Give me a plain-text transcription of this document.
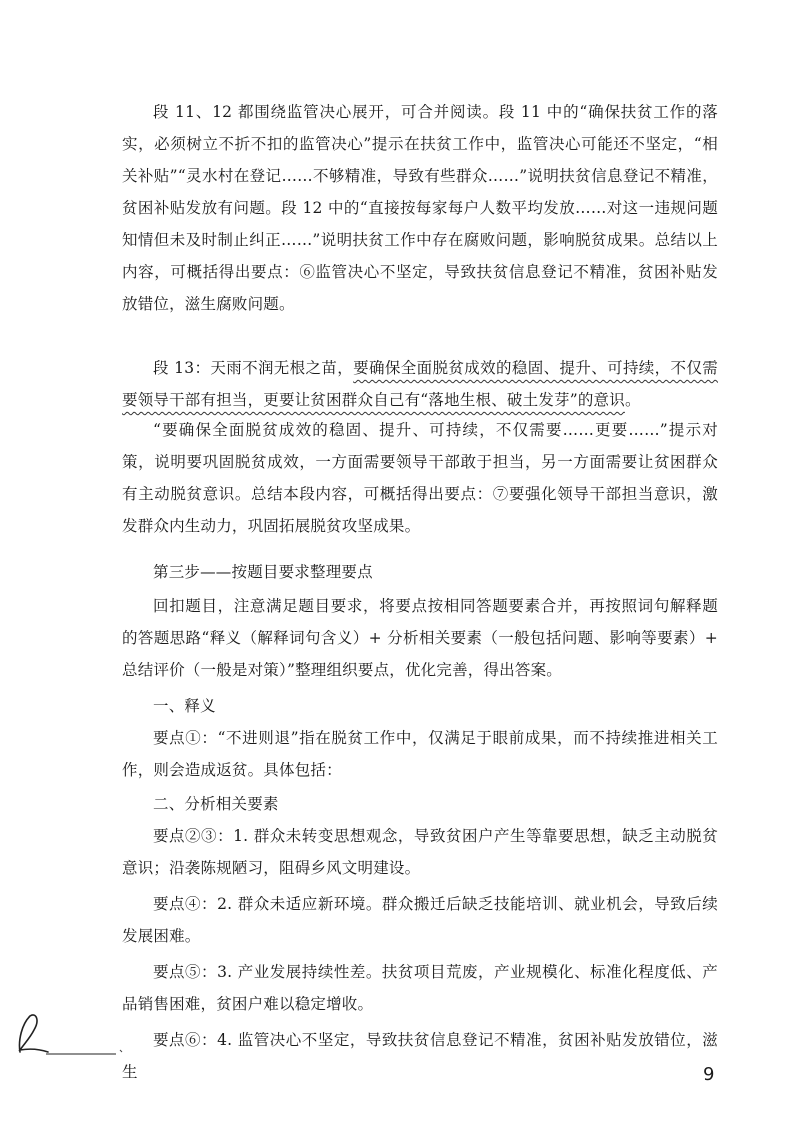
段 11、12 都围绕监管决心展开，可合并阅读。段 11 中的“确保扶贫工作的落实，必须树立不折不扣的监管决心”提示在扶贫工作中，监管决心可能还不坚定，“相关补贴”“灵水村在登记……不够精准，导致有些群众……”说明扶贫信息登记不精准，贫困补贴发放有问题。段 12 中的“直接按每家每户人数平均发放……对这一违规问题知情但未及时制止纠正……”说明扶贫工作中存在腐败问题，影响脱贫成果。总结以上内容，可概括得出要点：⑥监管决心不坚定，导致扶贫信息登记不精准，贫困补贴发放错位，滋生腐败问题。

段 13：天雨不润无根之苗，要确保全面脱贫成效的稳固、提升、可持续，不仅需要领导干部有担当，更要让贫困群众自己有“落地生根、破土发芽”的意识。

“要确保全面脱贫成效的稳固、提升、可持续，不仅需要……更要……”提示对策，说明要巩固脱贫成效，一方面需要领导干部敢于担当，另一方面需要让贫困群众有主动脱贫意识。总结本段内容，可概括得出要点：⑦要强化领导干部担当意识，激发群众内生动力，巩固拓展脱贫攻坚成果。

第三步——按题目要求整理要点

回扣题目，注意满足题目要求，将要点按相同答题要素合并，再按照词句解释题的答题思路“释义（解释词句含义）+ 分析相关要素（一般包括问题、影响等要素）+ 总结评价（一般是对策）”整理组织要点，优化完善，得出答案。

一、释义

要点①：“不进则退”指在脱贫工作中，仅满足于眼前成果，而不持续推进相关工作，则会造成返贫。具体包括：

二、分析相关要素

要点②③：1. 群众未转变思想观念，导致贫困户产生等靠要思想，缺乏主动脱贫意识；沿袭陈规陋习，阻碍乡风文明建设。

要点④：2. 群众未适应新环境。群众搬迁后缺乏技能培训、就业机会，导致后续发展困难。

要点⑤：3. 产业发展持续性差。扶贫项目荒废，产业规模化、标准化程度低、产品销售困难，贫困户难以稳定增收。

要点⑥：4. 监管决心不坚定，导致扶贫信息登记不精准，贫困补贴发放错位，滋生	9
